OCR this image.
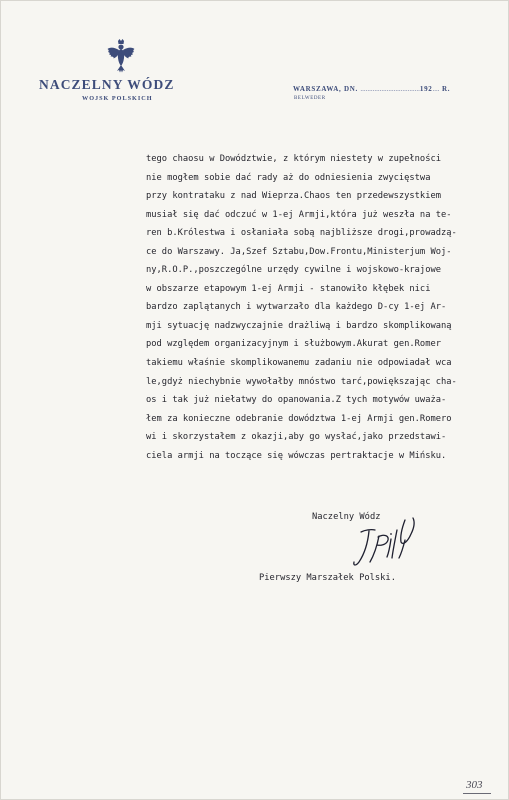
NACZELNY WÓDZ
WOJSK POLSKICH
WARSZAWA, DN. ..................................192.... R.
BELWEDER
tego chaosu w Dowództwie, z którym niestety w zupełności
nie mogłem sobie dać rady aż do odniesienia zwycięstwa
przy kontrataku z nad Wieprza.Chaos ten przedewszystkiem
musiał się dać odczuć w 1-ej Armji,która już weszła na te-
ren b.Królestwa i osłaniała sobą najbliższe drogi,prowadzą-
ce do Warszawy. Ja,Szef Sztabu,Dow.Frontu,Ministerjum Woj-
ny,R.O.P.,poszczególne urzędy cywilne i wojskowo-krajowe
w obszarze etapowym 1-ej Armji - stanowiło kłębek nici
bardzo zaplątanych i wytwarzało dla każdego D-cy 1-ej Ar-
mji sytuację nadzwyczajnie drażliwą i bardzo skomplikowaną
pod względem organizacyjnym i służbowym.Akurat gen.Romer
takiemu właśnie skomplikowanemu zadaniu nie odpowiadał wca
le,gdyż niechybnie wywołałby mnóstwo tarć,powiększając cha-
os i tak już niełatwy do opanowania.Z tych motywów uważa-
łem za konieczne odebranie dowództwa 1-ej Armji gen.Romero
wi i skorzystałem z okazji,aby go wysłać,jako przedstawi-
ciela armji na toczące się wówczas pertraktacje w Mińsku.
Naczelny Wódz
Pierwszy Marszałek Polski.
303
